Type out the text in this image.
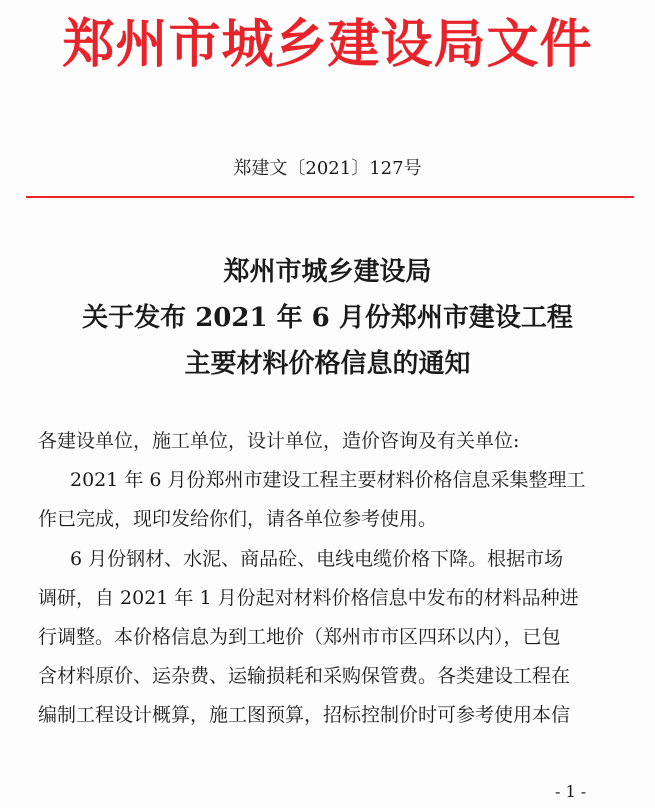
郑州市城乡建设局文件
郑建文〔2021〕127号
郑州市城乡建设局
关于发布 2021 年 6 月份郑州市建设工程
主要材料价格信息的通知
各建设单位，施工单位，设计单位，造价咨询及有关单位:
2021 年 6 月份郑州市建设工程主要材料价格信息采集整理工
作已完成，现印发给你们，请各单位参考使用。
6 月份钢材、水泥、商品砼、电线电缆价格下降。根据市场
调研，自 2021 年 1 月份起对材料价格信息中发布的材料品种进
行调整。本价格信息为到工地价（郑州市市区四环以内），已包
含材料原价、运杂费、运输损耗和采购保管费。各类建设工程在
编制工程设计概算，施工图预算，招标控制价时可参考使用本信
- 1 -
